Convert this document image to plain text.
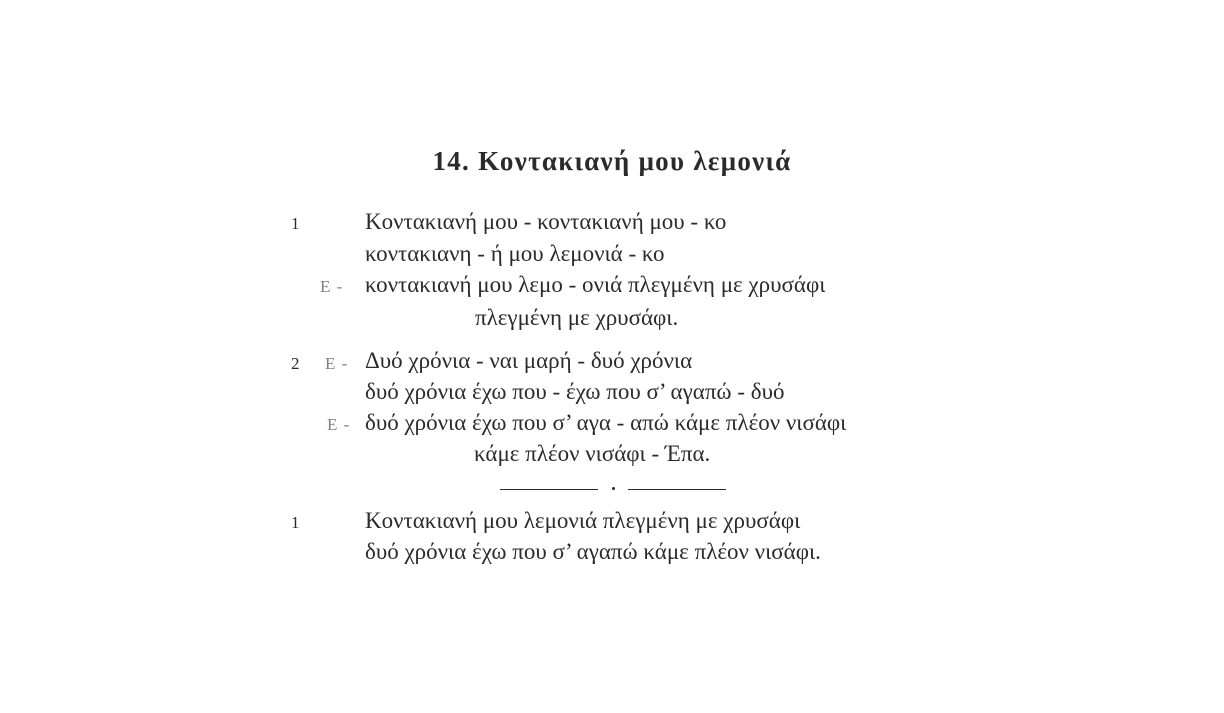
14. Κοντακιανή μου λεμονιά
1	Κοντακιανή μου - κοντακιανή μου - κο
κοντακιανη - ή μου λεμονιά - κο
Ε - κοντακιανή μου λεμο - ονιά πλεγμένη με χρυσάφι
πλεγμένη με χρυσάφι.
2 Ε - Δυό χρόνια - ναι μαρή - δυό χρόνια
δυό χρόνια έχω που - έχω που σ’ αγαπώ - δυό
Ε - δυό χρόνια έχω που σ’ αγα - απώ κάμε πλέον νισάφι
κάμε πλέον νισάφι - Έπα.
1	Κοντακιανή μου λεμονιά πλεγμένη με χρυσάφι
δυό χρόνια έχω που σ’ αγαπώ κάμε πλέον νισάφι.
